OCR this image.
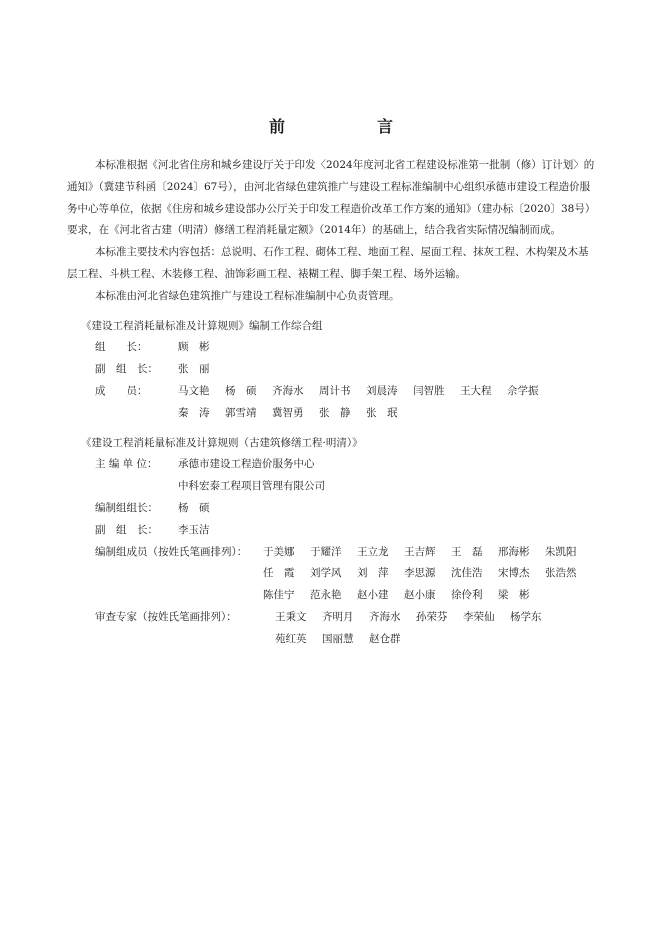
前　言

本标准根据《河北省住房和城乡建设厅关于印发〈2024年度河北省工程建设标准第一批制（修）订计划〉的通知》（冀建节科函〔2024〕67号），由河北省绿色建筑推广与建设工程标准编制中心组织承德市建设工程造价服务中心等单位，依据《住房和城乡建设部办公厅关于印发工程造价改革工作方案的通知》（建办标〔2020〕38号）要求，在《河北省古建（明清）修缮工程消耗量定额》（2014年）的基础上，结合我省实际情况编制而成。

本标准主要技术内容包括：总说明、石作工程、砌体工程、地面工程、屋面工程、抹灰工程、木构架及木基层工程、斗栱工程、木装修工程、油饰彩画工程、裱糊工程、脚手架工程、场外运输。

本标准由河北省绿色建筑推广与建设工程标准编制中心负责管理。

《建设工程消耗量标准及计算规则》编制工作综合组
组　　长：	顾　彬
副　组　长：	张　丽
成　　员：	马文艳	杨　硕	齐海水	周计书	刘晨涛	闫智胜	王大程	佘学振
秦　涛	郭雪靖	冀智勇	张　静	张　珉
《建设工程消耗量标准及计算规则（古建筑修缮工程·明清）》
主 编 单 位：	承德市建设工程造价服务中心
中科宏泰工程项目管理有限公司
编制组组长：	杨　硕
副　组　长：	李玉洁
编制组成员（按姓氏笔画排列）：	于美娜	于耀洋	王立龙	王吉辉	王　磊	邢海彬	朱凯阳
任　霞	刘学风	刘　萍	李思源	沈佳浩	宋博杰	张浩然
陈佳宁	范永艳	赵小建	赵小康	徐伶利	梁　彬
审查专家（按姓氏笔画排列）：	王秉文	齐明月	齐海水	孙荣芬	李荣仙	杨学东
苑红英	国丽慧	赵仓群
